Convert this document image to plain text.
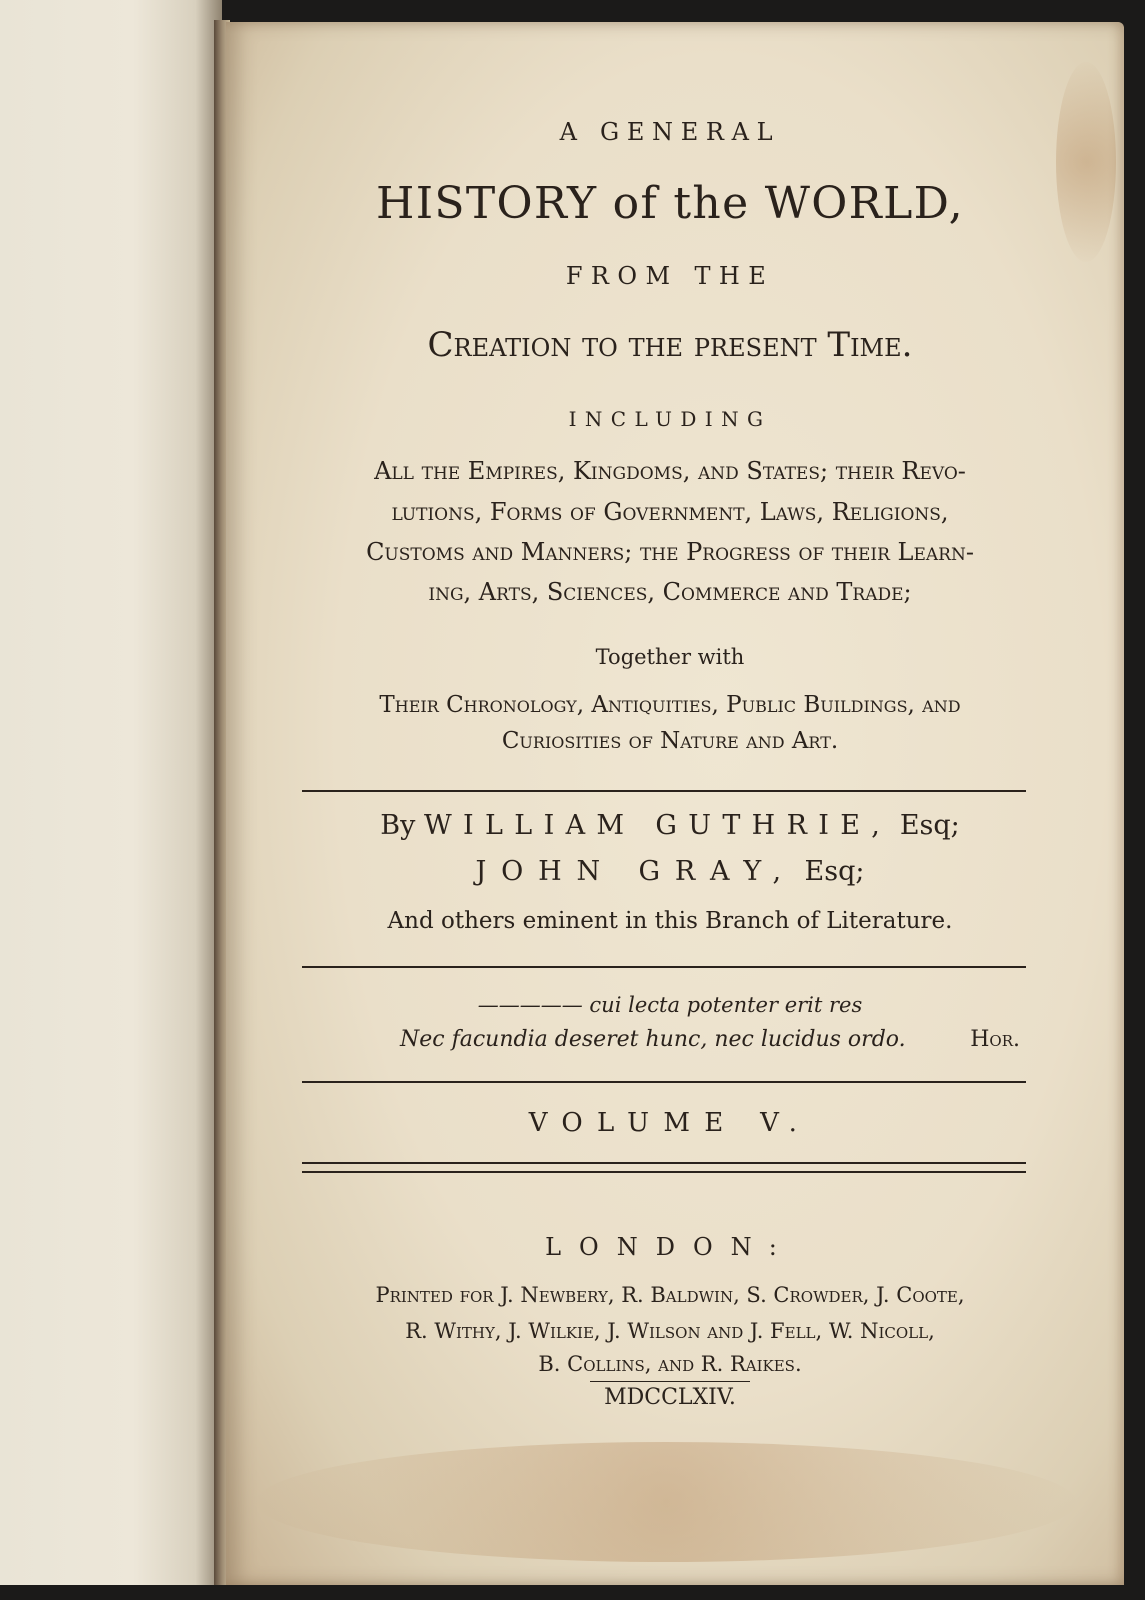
A GENERAL
HISTORY of the WORLD,
FROM THE
Creation to the present Time.
INCLUDING
All the Empires, Kingdoms, and States; their Revo-
lutions, Forms of Government, Laws, Religions,
Customs and Manners; the Progress of their Learn-
ing, Arts, Sciences, Commerce and Trade;
Together with
Their Chronology, Antiquities, Public Buildings, and
Curiosities of Nature and Art.
By WILLIAM GUTHRIE, Esq;
JOHN GRAY, Esq;
And others eminent in this Branch of Literature.
————— cui lecta potenter erit res
Nec facundia deseret hunc, nec lucidus ordo.	Hor.
VOLUME V.
LONDON:
Printed for J. Newbery, R. Baldwin, S. Crowder, J. Coote,
R. Withy, J. Wilkie, J. Wilson and J. Fell, W. Nicoll,
B. Collins, and R. Raikes.
MDCCLXIV.
